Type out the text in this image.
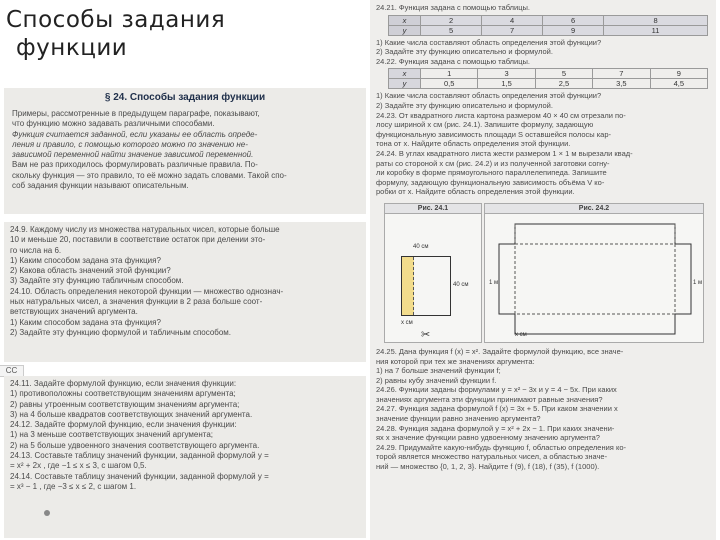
Способы задания

функции
§ 24. Способы задания функции
Примеры, рассмотренные в предыдущем параграфе, показывают,
что функцию можно задавать различными способами.
Функция считается заданной, если указаны ее область опреде-
ления и правило, с помощью которого можно по значению не-
зависимой переменной найти значение зависимой переменной.
Вам не раз приходилось формулировать различные правила. По-
скольку функция — это правило, то её можно задать словами. Такой спо-
соб задания функции называют описательным.
24.9. Каждому числу из множества натуральных чисел, которые больше
10 и меньше 20, поставили в соответствие остаток при делении это-
го числа на 6.
1) Каким способом задана эта функция?
2) Какова область значений этой функции?
3) Задайте эту функцию табличным способом.
24.10. Область определения некоторой функции — множество однознач-
ных натуральных чисел, а значения функции в 2 раза больше соот-
ветствующих значений аргумента.
1) Каким способом задана эта функция?
2) Задайте эту функцию формулой и табличным способом.
СС
24.11. Задайте формулой функцию, если значения функции:
1) противоположны соответствующим значениям аргумента;
2) равны утроенным соответствующим значениям аргумента;
3) на 4 больше квадратов соответствующих значений аргумента.
24.12. Задайте формулой функцию, если значения функции:
1) на 3 меньше соответствующих значений аргумента;
2) на 5 больше удвоенного значения соответствующего аргумента.
24.13. Составьте таблицу значений функции, заданной формулой y =
= x² + 2x , где −1 ≤ x ≤ 3, с шагом 0,5.
24.14. Составьте таблицу значений функции, заданной формулой y =
= x³ − 1 , где −3 ≤ x ≤ 2, с шагом 1.
24.21. Функция задана с помощью таблицы.
x	2	4	6	8
y	5	7	9	11
1) Какие числа составляют область определения этой функции?
2) Задайте эту функцию описательно и формулой.
24.22. Функция задана с помощью таблицы.
x	1	3	5	7	9
y	0,5	1,5	2,5	3,5	4,5
1) Какие числа составляют область определения этой функции?
2) Задайте эту функцию описательно и формулой.
24.23. От квадратного листа картона размером 40 × 40 см отрезали по-
лосу шириной x см (рис. 24.1). Запишите формулу, задающую
функциональную зависимость площади S оставшейся полосы кар-
тона от x. Найдите область определения этой функции.
24.24. В углах квадратного листа жести размером 1 × 1 м вырезали квад-
раты со стороной x см (рис. 24.2) и из полученной заготовки согну-
ли коробку в форме прямоугольного параллелепипеда. Запишите
формулу, задающую функциональную зависимость объёма V ко-
робки от x. Найдите область определения этой функции.
Рис. 24.1
40 см
40 см
x см
✂
Рис. 24.2
1 м
x см
1 м
24.25. Дана функция f (x) = x². Задайте формулой функцию, все значе-
ния которой при тех же значениях аргумента:
1) на 7 больше значений функции f;
2) равны кубу значений функции f.
24.26. Функции заданы формулами y = x² − 3x и y = 4 − 5x. При каких
значениях аргумента эти функции принимают равные значения?
24.27. Функция задана формулой f (x) = 3x + 5. При каком значении x
значение функции равно значению аргумента?
24.28. Функция задана формулой y = x² + 2x − 1. При каких значени-
ях x значение функции равно удвоенному значению аргумента?
24.29. Придумайте какую-нибудь функцию f, областью определения ко-
торой является множество натуральных чисел, а областью значе-
ний — множество {0, 1, 2, 3}. Найдите f (9), f (18), f (35), f (1000).
